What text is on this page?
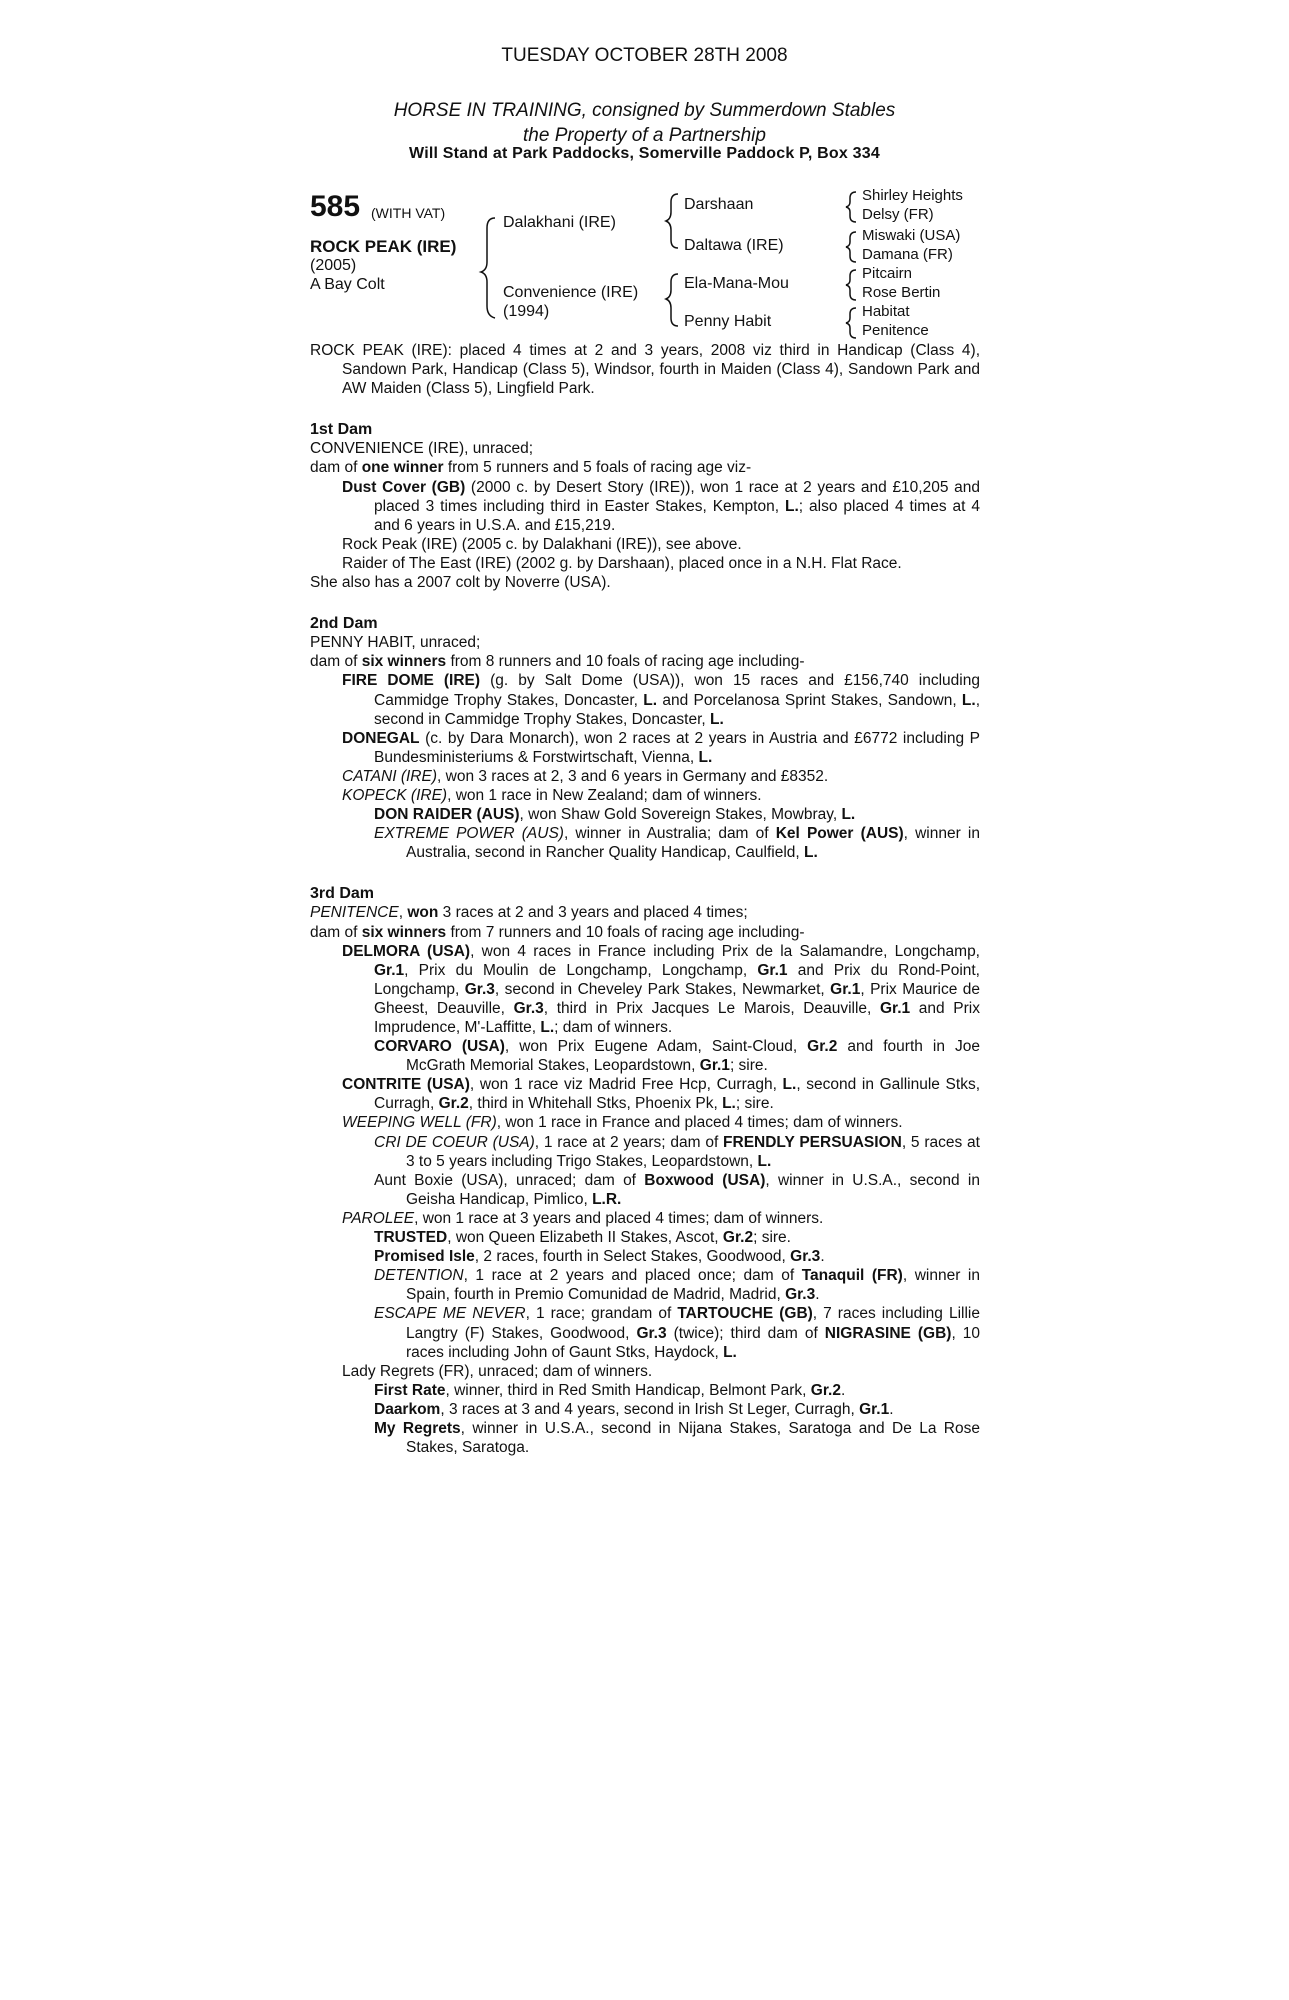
TUESDAY OCTOBER 28TH 2008
HORSE IN TRAINING, consigned by Summerdown Stables
the Property of a Partnership
Will Stand at Park Paddocks, Somerville Paddock P, Box 334
585 (WITH VAT)
ROCK PEAK (IRE)
(2005)
A Bay Colt
Dalakhani (IRE)
Convenience (IRE)
(1994)
Darshaan
Daltawa (IRE)
Ela-Mana-Mou
Penny Habit
Shirley Heights
Delsy (FR)
Miswaki (USA)
Damana (FR)
Pitcairn
Rose Bertin
Habitat
Penitence

ROCK PEAK (IRE): placed 4 times at 2 and 3 years, 2008 viz third in Handicap (Class 4), Sandown Park, Handicap (Class 5), Windsor, fourth in Maiden (Class 4), Sandown Park and AW Maiden (Class 5), Lingfield Park.

1st Dam

CONVENIENCE (IRE), unraced;

dam of one winner from 5 runners and 5 foals of racing age viz-

Dust Cover (GB) (2000 c. by Desert Story (IRE)), won 1 race at 2 years and £10,205 and placed 3 times including third in Easter Stakes, Kempton, L.; also placed 4 times at 4 and 6 years in U.S.A. and £15,219.

Rock Peak (IRE) (2005 c. by Dalakhani (IRE)), see above.

Raider of The East (IRE) (2002 g. by Darshaan), placed once in a N.H. Flat Race.

She also has a 2007 colt by Noverre (USA).

2nd Dam

PENNY HABIT, unraced;

dam of six winners from 8 runners and 10 foals of racing age including-

FIRE DOME (IRE) (g. by Salt Dome (USA)), won 15 races and £156,740 including Cammidge Trophy Stakes, Doncaster, L. and Porcelanosa Sprint Stakes, Sandown, L., second in Cammidge Trophy Stakes, Doncaster, L.

DONEGAL (c. by Dara Monarch), won 2 races at 2 years in Austria and £6772 including P Bundesministeriums & Forstwirtschaft, Vienna, L.

CATANI (IRE), won 3 races at 2, 3 and 6 years in Germany and £8352.

KOPECK (IRE), won 1 race in New Zealand; dam of winners.

DON RAIDER (AUS), won Shaw Gold Sovereign Stakes, Mowbray, L.

EXTREME POWER (AUS), winner in Australia; dam of Kel Power (AUS), winner in Australia, second in Rancher Quality Handicap, Caulfield, L.

3rd Dam

PENITENCE, won 3 races at 2 and 3 years and placed 4 times;

dam of six winners from 7 runners and 10 foals of racing age including-

DELMORA (USA), won 4 races in France including Prix de la Salamandre, Longchamp, Gr.1, Prix du Moulin de Longchamp, Longchamp, Gr.1 and Prix du Rond-Point, Longchamp, Gr.3, second in Cheveley Park Stakes, Newmarket, Gr.1, Prix Maurice de Gheest, Deauville, Gr.3, third in Prix Jacques Le Marois, Deauville, Gr.1 and Prix Imprudence, M'-Laffitte, L.; dam of winners.

CORVARO (USA), won Prix Eugene Adam, Saint-Cloud, Gr.2 and fourth in Joe McGrath Memorial Stakes, Leopardstown, Gr.1; sire.

CONTRITE (USA), won 1 race viz Madrid Free Hcp, Curragh, L., second in Gallinule Stks, Curragh, Gr.2, third in Whitehall Stks, Phoenix Pk, L.; sire.

WEEPING WELL (FR), won 1 race in France and placed 4 times; dam of winners.

CRI DE COEUR (USA), 1 race at 2 years; dam of FRENDLY PERSUASION, 5 races at 3 to 5 years including Trigo Stakes, Leopardstown, L.

Aunt Boxie (USA), unraced; dam of Boxwood (USA), winner in U.S.A., second in Geisha Handicap, Pimlico, L.R.

PAROLEE, won 1 race at 3 years and placed 4 times; dam of winners.

TRUSTED, won Queen Elizabeth II Stakes, Ascot, Gr.2; sire.

Promised Isle, 2 races, fourth in Select Stakes, Goodwood, Gr.3.

DETENTION, 1 race at 2 years and placed once; dam of Tanaquil (FR), winner in Spain, fourth in Premio Comunidad de Madrid, Madrid, Gr.3.

ESCAPE ME NEVER, 1 race; grandam of TARTOUCHE (GB), 7 races including Lillie Langtry (F) Stakes, Goodwood, Gr.3 (twice); third dam of NIGRASINE (GB), 10 races including John of Gaunt Stks, Haydock, L.

Lady Regrets (FR), unraced; dam of winners.

First Rate, winner, third in Red Smith Handicap, Belmont Park, Gr.2.

Daarkom, 3 races at 3 and 4 years, second in Irish St Leger, Curragh, Gr.1.

My Regrets, winner in U.S.A., second in Nijana Stakes, Saratoga and De La Rose Stakes, Saratoga.
